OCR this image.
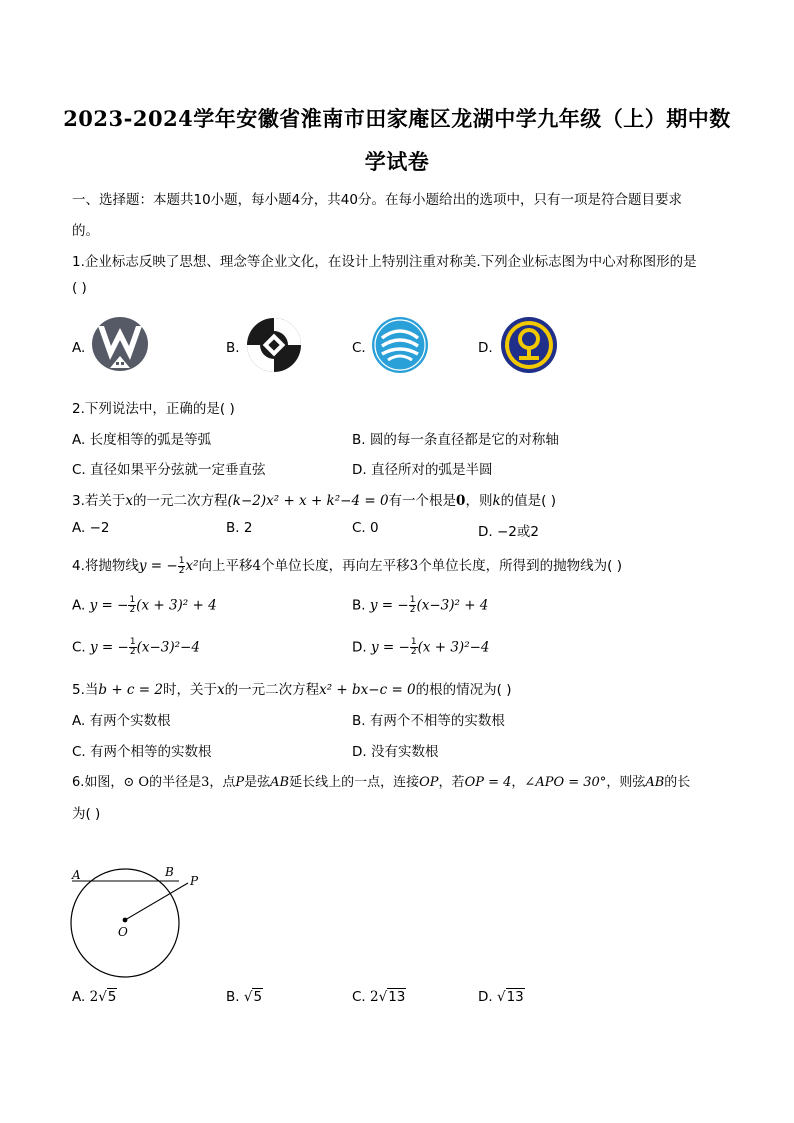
2023-2024学年安徽省淮南市田家庵区龙湖中学九年级（上）期中数
学试卷
一、选择题：本题共10小题，每小题4分，共40分。在每小题给出的选项中，只有一项是符合题目要求
的。
1.企业标志反映了思想、理念等企业文化，在设计上特别注重对称美.下列企业标志图为中心对称图形的是
( )
A.	B.	C.	D.
2.下列说法中，正确的是( )
A. 长度相等的弧是等弧	B. 圆的每一条直径都是它的对称轴
C. 直径如果平分弦就一定垂直弦	D. 直径所对的弧是半圆
3.若关于x的一元二次方程(k−2)x² + x + k²−4 = 0有一个根是0，则k的值是( )
A. −2	B. 2	C. 0	D. −2或2
4.将抛物线y = − $\frac{1}{2} x^2$向上平移4个单位长度，再向左平移3个单位长度，所得到的抛物线为( )
A. y = − $\frac{1}{2} (x + 3)^2 + 4$	B. y = − $\frac{1}{2} (x-3)^2 + 4$
C. y = − $\frac{1}{2} (x-3)^2-4$	D. y = − $\frac{1}{2} (x + 3)^2-4$
5.当b + c = 2时，关于x的一元二次方程x² + bx−c = 0的根的情况为( )
A. 有两个实数根	B. 有两个不相等的实数根
C. 有两个相等的实数根	D. 没有实数根
6.如图，⊙ O的半径是3，点P是弦AB延长线上的一点，连接OP，若OP = 4，∠APO = 30°，则弦AB的长
为( )
A	B
P
O
A. 2√5	B. √5	C. 2√13	D. √13
